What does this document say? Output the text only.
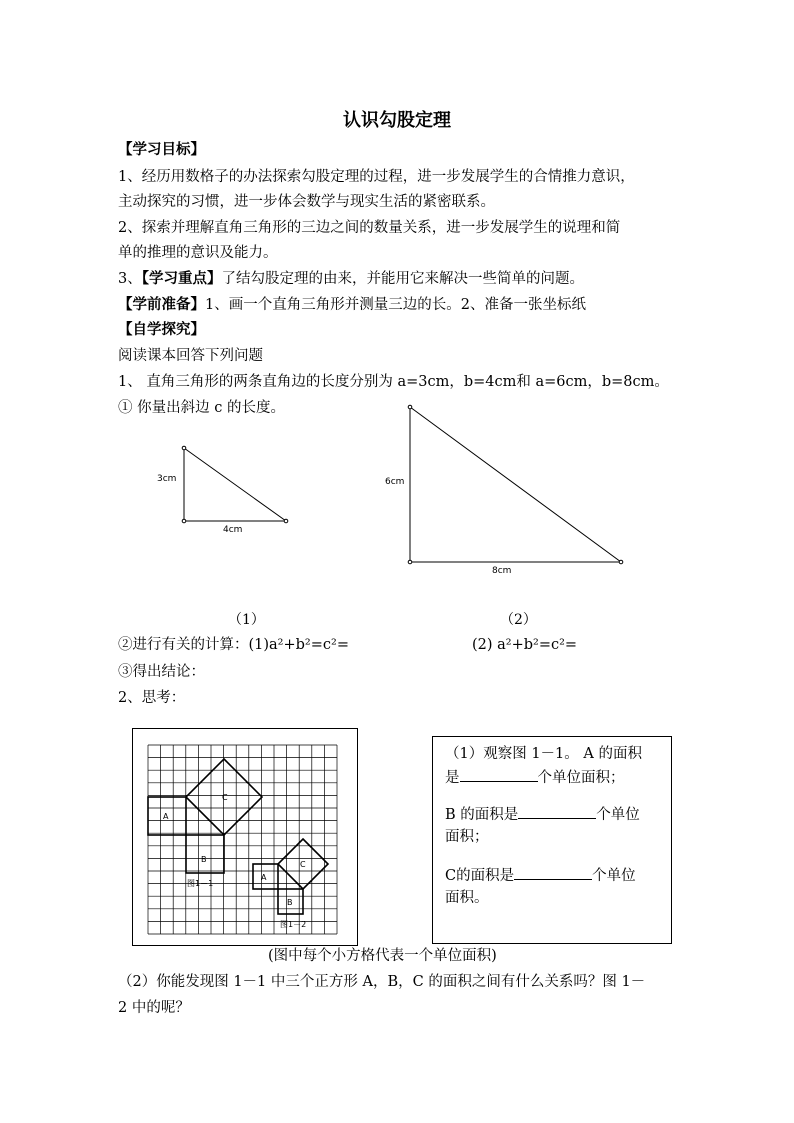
认识勾股定理
【学习目标】
1、经历用数格子的办法探索勾股定理的过程，进一步发展学生的合情推力意识，
主动探究的习惯，进一步体会数学与现实生活的紧密联系。
2、探索并理解直角三角形的三边之间的数量关系，进一步发展学生的说理和简
单的推理的意识及能力。
3、【学习重点】了结勾股定理的由来，并能用它来解决一些简单的问题。
【学前准备】1、画一个直角三角形并测量三边的长。2、准备一张坐标纸
【自学探究】
阅读课本回答下列问题
1、 直角三角形的两条直角边的长度分别为 a=3cm，b=4cm和 a=6cm，b=8cm。
① 你量出斜边 c 的长度。
3cm
4cm
6cm
8cm
（1）	（2）
②进行有关的计算：(1)a²+b²=c²=	(2) a²+b²=c²=
③得出结论：
2、思考：
A
B
C
图1－1
A
B
C
图1－2
（1）观察图 1－1。 A 的面积
是	个单位面积；
B 的面积是	个单位
面积；
C的面积是	个单位
面积。
(图中每个小方格代表一个单位面积)
（2）你能发现图 1－1 中三个正方形 A，B，C 的面积之间有什么关系吗？图 1－
2 中的呢？
